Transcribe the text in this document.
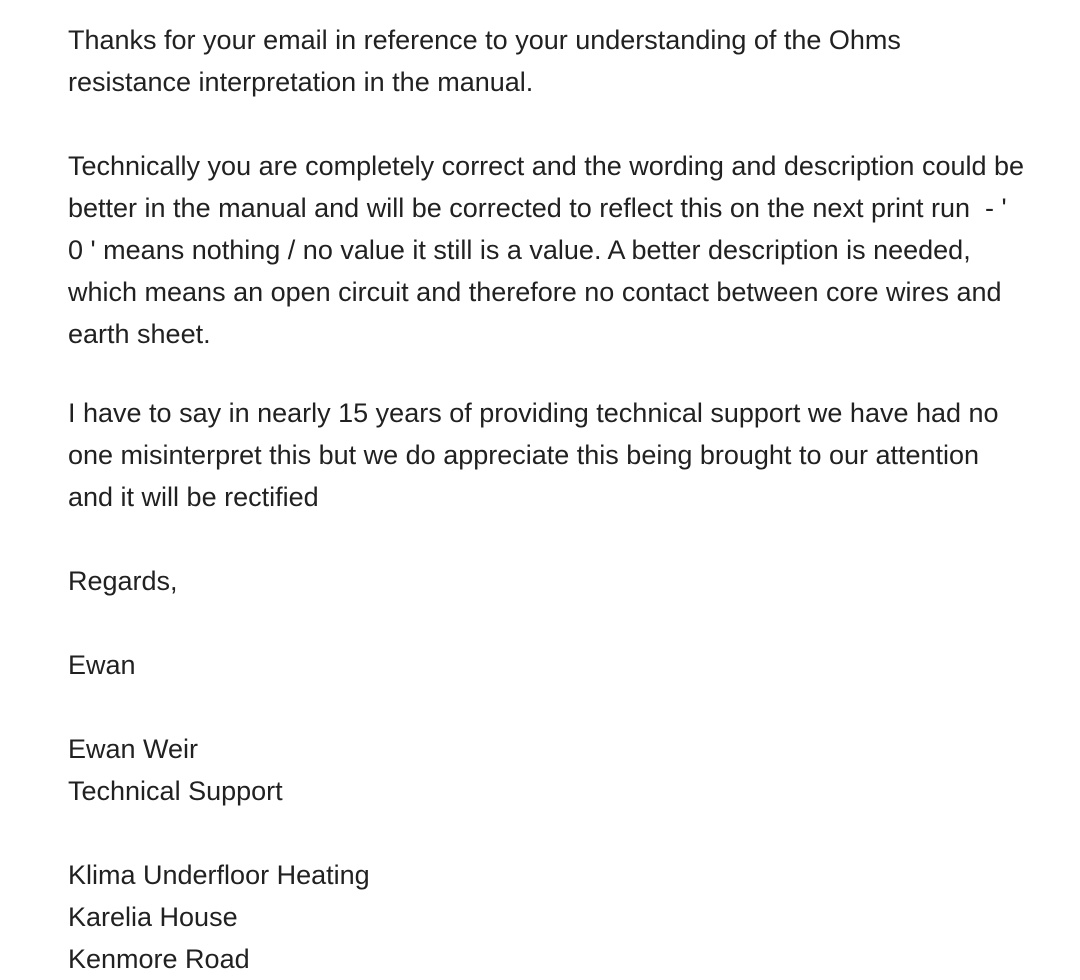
Thanks for your email in reference to your understanding of the Ohms resistance interpretation in the manual.

Technically you are completely correct and the wording and description could be better in the manual and will be corrected to reflect this on the next print run  - ' 0 ' means nothing / no value it still is a value. A better description is needed, which means an open circuit and therefore no contact between core wires and earth sheet.

I have to say in nearly 15 years of providing technical support we have had no one misinterpret this but we do appreciate this being brought to our attention and it will be rectified

Regards,

Ewan

Ewan Weir
Technical Support
Klima Underfloor Heating
Karelia House
Kenmore Road
